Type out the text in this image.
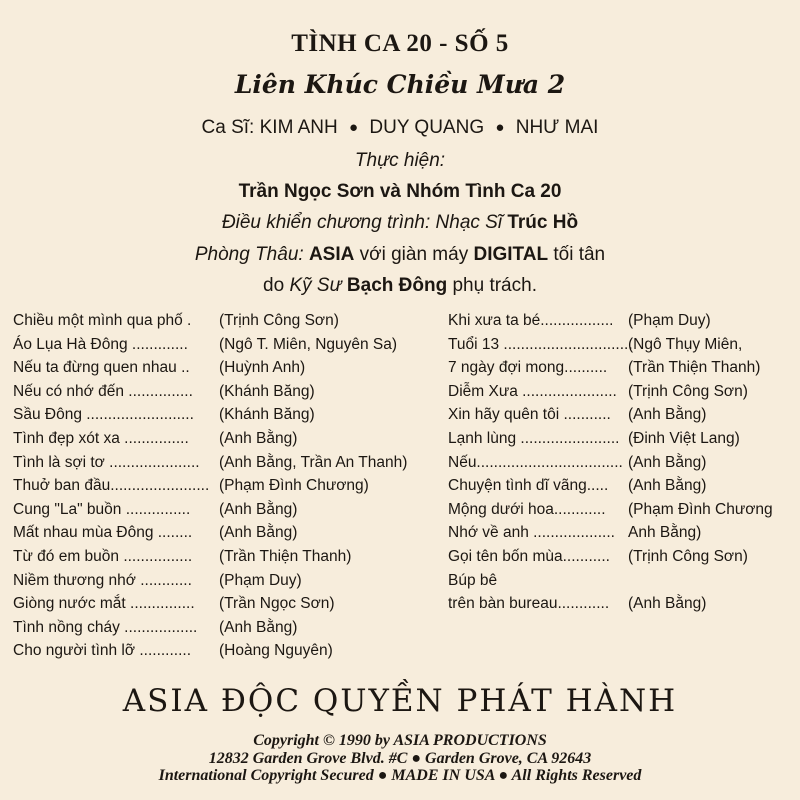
TÌNH CA 20 - SỐ 5
Liên Khúc Chiều Mưa 2
Ca Sĩ: KIM ANH ● DUY QUANG ● NHƯ MAI
Thực hiện:
Trần Ngọc Sơn và Nhóm Tình Ca 20
Điều khiển chương trình: Nhạc Sĩ Trúc Hồ
Phòng Thâu: ASIA với giàn máy DIGITAL tối tân
do Kỹ Sư Bạch Đông phụ trách.
Chiều một mình qua phố . (Trịnh Công Sơn)
Áo Lụa Hà Đông ............. (Ngô T. Miên, Nguyên Sa)
Nếu ta đừng quen nhau .. (Huỳnh Anh)
Nếu có nhớ đến ............... (Khánh Băng)
Sầu Đông ......................... (Khánh Băng)
Tình đẹp xót xa ............... (Anh Bằng)
Tình là sợi tơ ..................... (Anh Bằng, Trần An Thanh)
Thuở ban đầu....................... (Phạm Đình Chương)
Cung "La" buồn ............... (Anh Bằng)
Mất nhau mùa Đông ........ (Anh Bằng)
Từ đó em buồn ................ (Trần Thiện Thanh)
Niềm thương nhớ ............ (Phạm Duy)
Giòng nước mắt ............... (Trần Ngọc Sơn)
Tình nồng cháy ................. (Anh Bằng)
Cho người tình lỡ ............ (Hoàng Nguyên)
Khi xưa ta bé................. (Phạm Duy)
Tuổi 13 ..............................
(Ngô Thụy Miên,
7 ngày đợi mong.......... (Trần Thiện Thanh)
Diễm Xưa ...................... (Trịnh Công Sơn)
Xin hãy quên tôi ........... (Anh Bằng)
Lạnh lùng ....................... (Đinh Việt Lang)
Nếu.................................. (Anh Bằng)
Chuyện tình dĩ vãng..... (Anh Bằng)
Mộng dưới hoa............ (Phạm Đình Chương
Nhớ về anh ................... Anh Bằng)
Gọi tên bốn mùa........... (Trịnh Công Sơn)
Búp bê
trên bàn bureau............ (Anh Bằng)
ASIA ĐỘC QUYỀN PHÁT HÀNH
Copyright © 1990 by ASIA PRODUCTIONS
12832 Garden Grove Blvd. #C ● Garden Grove, CA 92643
International Copyright Secured ● MADE IN USA ● All Rights Reserved
